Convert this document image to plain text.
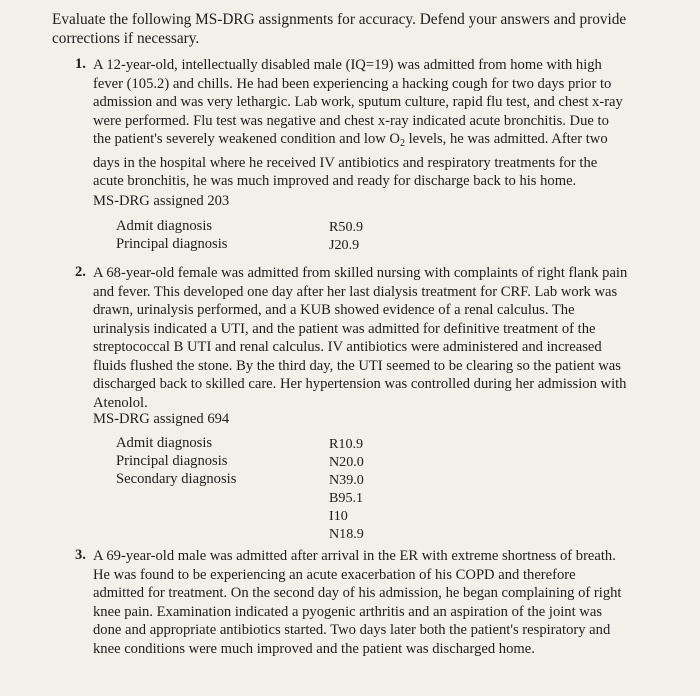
Evaluate the following MS-DRG assignments for accuracy. Defend your answers and provide corrections if necessary.
1. A 12-year-old, intellectually disabled male (IQ=19) was admitted from home with high fever (105.2) and chills. He had been experiencing a hacking cough for two days prior to admission and was very lethargic. Lab work, sputum culture, rapid flu test, and chest x-ray were performed. Flu test was negative and chest x-ray indicated acute bronchitis. Due to the patient's severely weakened condition and low $O_2$ levels, he was admitted. After two days in the hospital where he received IV antibiotics and respiratory treatments for the acute bronchitis, he was much improved and ready for discharge back to his home.

MS-DRG assigned 203
Admit diagnosis	R50.9
Principal diagnosis	J20.9
2. A 68-year-old female was admitted from skilled nursing with complaints of right flank pain and fever. This developed one day after her last dialysis treatment for CRF. Lab work was drawn, urinalysis performed, and a KUB showed evidence of a renal calculus. The urinalysis indicated a UTI, and the patient was admitted for definitive treatment of the streptococcal B UTI and renal calculus. IV antibiotics were administered and increased fluids flushed the stone. By the third day, the UTI seemed to be clearing so the patient was discharged back to skilled care. Her hypertension was controlled during her admission with Atenolol.

MS-DRG assigned 694
Admit diagnosis	R10.9
Principal diagnosis	N20.0
Secondary diagnosis	N39.0
B95.1
I10
N18.9
3. A 69-year-old male was admitted after arrival in the ER with extreme shortness of breath. He was found to be experiencing an acute exacerbation of his COPD and therefore admitted for treatment. On the second day of his admission, he began complaining of right knee pain. Examination indicated a pyogenic arthritis and an aspiration of the joint was done and appropriate antibiotics started. Two days later both the patient's respiratory and knee conditions were much improved and the patient was discharged home.
